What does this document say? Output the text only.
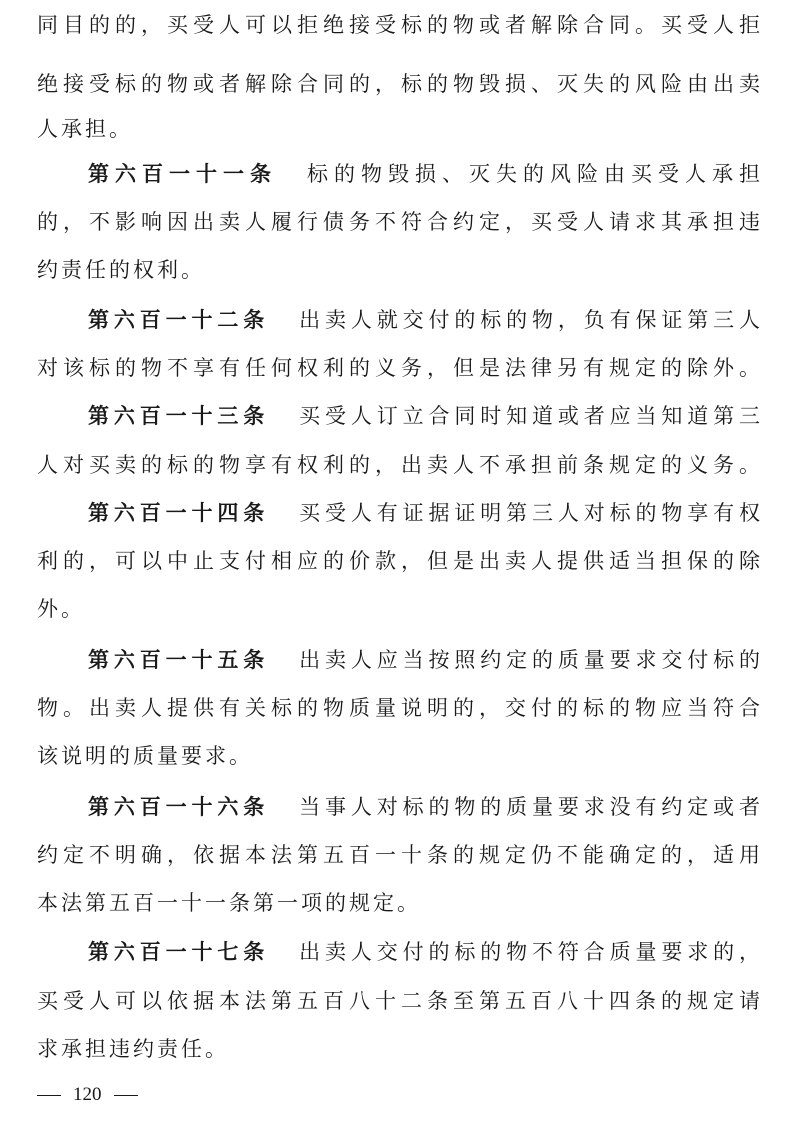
同目的的，买受人可以拒绝接受标的物或者解除合同。买受人拒
绝接受标的物或者解除合同的，标的物毁损、灭失的风险由出卖
人承担。
第六百一十一条 标的物毁损、灭失的风险由买受人承担
的，不影响因出卖人履行债务不符合约定，买受人请求其承担违
约责任的权利。
第六百一十二条 出卖人就交付的标的物，负有保证第三人
对该标的物不享有任何权利的义务，但是法律另有规定的除外。
第六百一十三条 买受人订立合同时知道或者应当知道第三
人对买卖的标的物享有权利的，出卖人不承担前条规定的义务。
第六百一十四条 买受人有证据证明第三人对标的物享有权
利的，可以中止支付相应的价款，但是出卖人提供适当担保的除
外。
第六百一十五条 出卖人应当按照约定的质量要求交付标的
物。出卖人提供有关标的物质量说明的，交付的标的物应当符合
该说明的质量要求。
第六百一十六条 当事人对标的物的质量要求没有约定或者
约定不明确，依据本法第五百一十条的规定仍不能确定的，适用
本法第五百一十一条第一项的规定。
第六百一十七条 出卖人交付的标的物不符合质量要求的，
买受人可以依据本法第五百八十二条至第五百八十四条的规定请
求承担违约责任。
120
